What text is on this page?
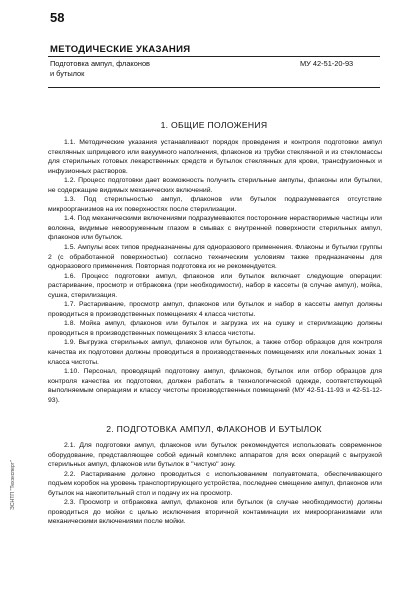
58
МЕТОДИЧЕСКИЕ УКАЗАНИЯ
Подготовка ампул, флаконов
и бутылок
МУ 42-51-20-93
1. ОБЩИЕ ПОЛОЖЕНИЯ

1.1. Методические указания устанавливают порядок проведения и контроля подготовки ампул стеклянных шприцевого или вакуумного наполнения, флаконов из трубки стеклянной и из стекломассы для стерильных готовых лекарственных средств и бутылок стеклянных для крови, трансфузионных и инфузионных растворов.

1.2. Процесс подготовки дает возможность получить стерильные ампулы, флаконы или бутылки, не содержащие видимых механических включений.

1.3. Под стерильностью ампул, флаконов или бутылок подразумевается отсутствие микроорганизмов на их поверхностях после стерилизации.

1.4. Под механическими включениями подразумеваются посторонние нерастворимые частицы или волокна, видимые невооруженным глазом в смывах с внутренней поверхности стерильных ампул, флаконов или бутылок.

1.5. Ампулы всех типов предназначены для одноразового применения. Флаконы и бутылки группы 2 (с обработанной поверхностью) согласно техническим условиям также предназначены для одноразового применения. Повторная подготовка их не рекомендуется.

1.6. Процесс подготовки ампул, флаконов или бутылок включает следующие операции: растаривание, просмотр и отбраковка (при необходимости), набор в кассеты (в случае ампул), мойка, сушка, стерилизация.

1.7. Растаривание, просмотр ампул, флаконов или бутылок и набор в кассеты ампул должны проводиться в производственных помещениях 4 класса чистоты.

1.8. Мойка ампул, флаконов или бутылок и загрузка их на сушку и стерилизацию должны проводиться в производственных помещениях 3 класса чистоты.

1.9. Выгрузка стерильных ампул, флаконов или бутылок, а также отбор образцов для контроля качества их подготовки должны проводиться в производственных помещениях или локальных зонах 1 класса чистоты.

1.10. Персонал, проводящий подготовку ампул, флаконов, бутылок или отбор образцов для контроля качества их подготовки, должен работать в технологической одежде, соответствующей выполняемым операциям и классу чистоты производственных помещений (МУ 42-51-11-93 и 42-51-12-93).

2. ПОДГОТОВКА АМПУЛ, ФЛАКОНОВ И БУТЫЛОК

2.1. Для подготовки ампул, флаконов или бутылок рекомендуется использовать современное оборудование, представляющее собой единый комплекс аппаратов для всех операций с выгрузкой стерильных ампул, флаконов или бутылок в "чистую" зону.

2.2. Растаривание должно проводиться с использованием полуавтомата, обеспечивающего подъем коробок на уровень транспортирующего устройства, последнее смещение ампул, флаконов или бутылок на накопительный стол и подачу их на просмотр.

2.3. Просмотр и отбраковка ампул, флаконов или бутылок (в случае необходимости) должны проводиться до мойки с целью исключения вторичной контаминации их микроорганизмами или механическими включениями после мойки.

ЭСНТП "Техэксперт"
